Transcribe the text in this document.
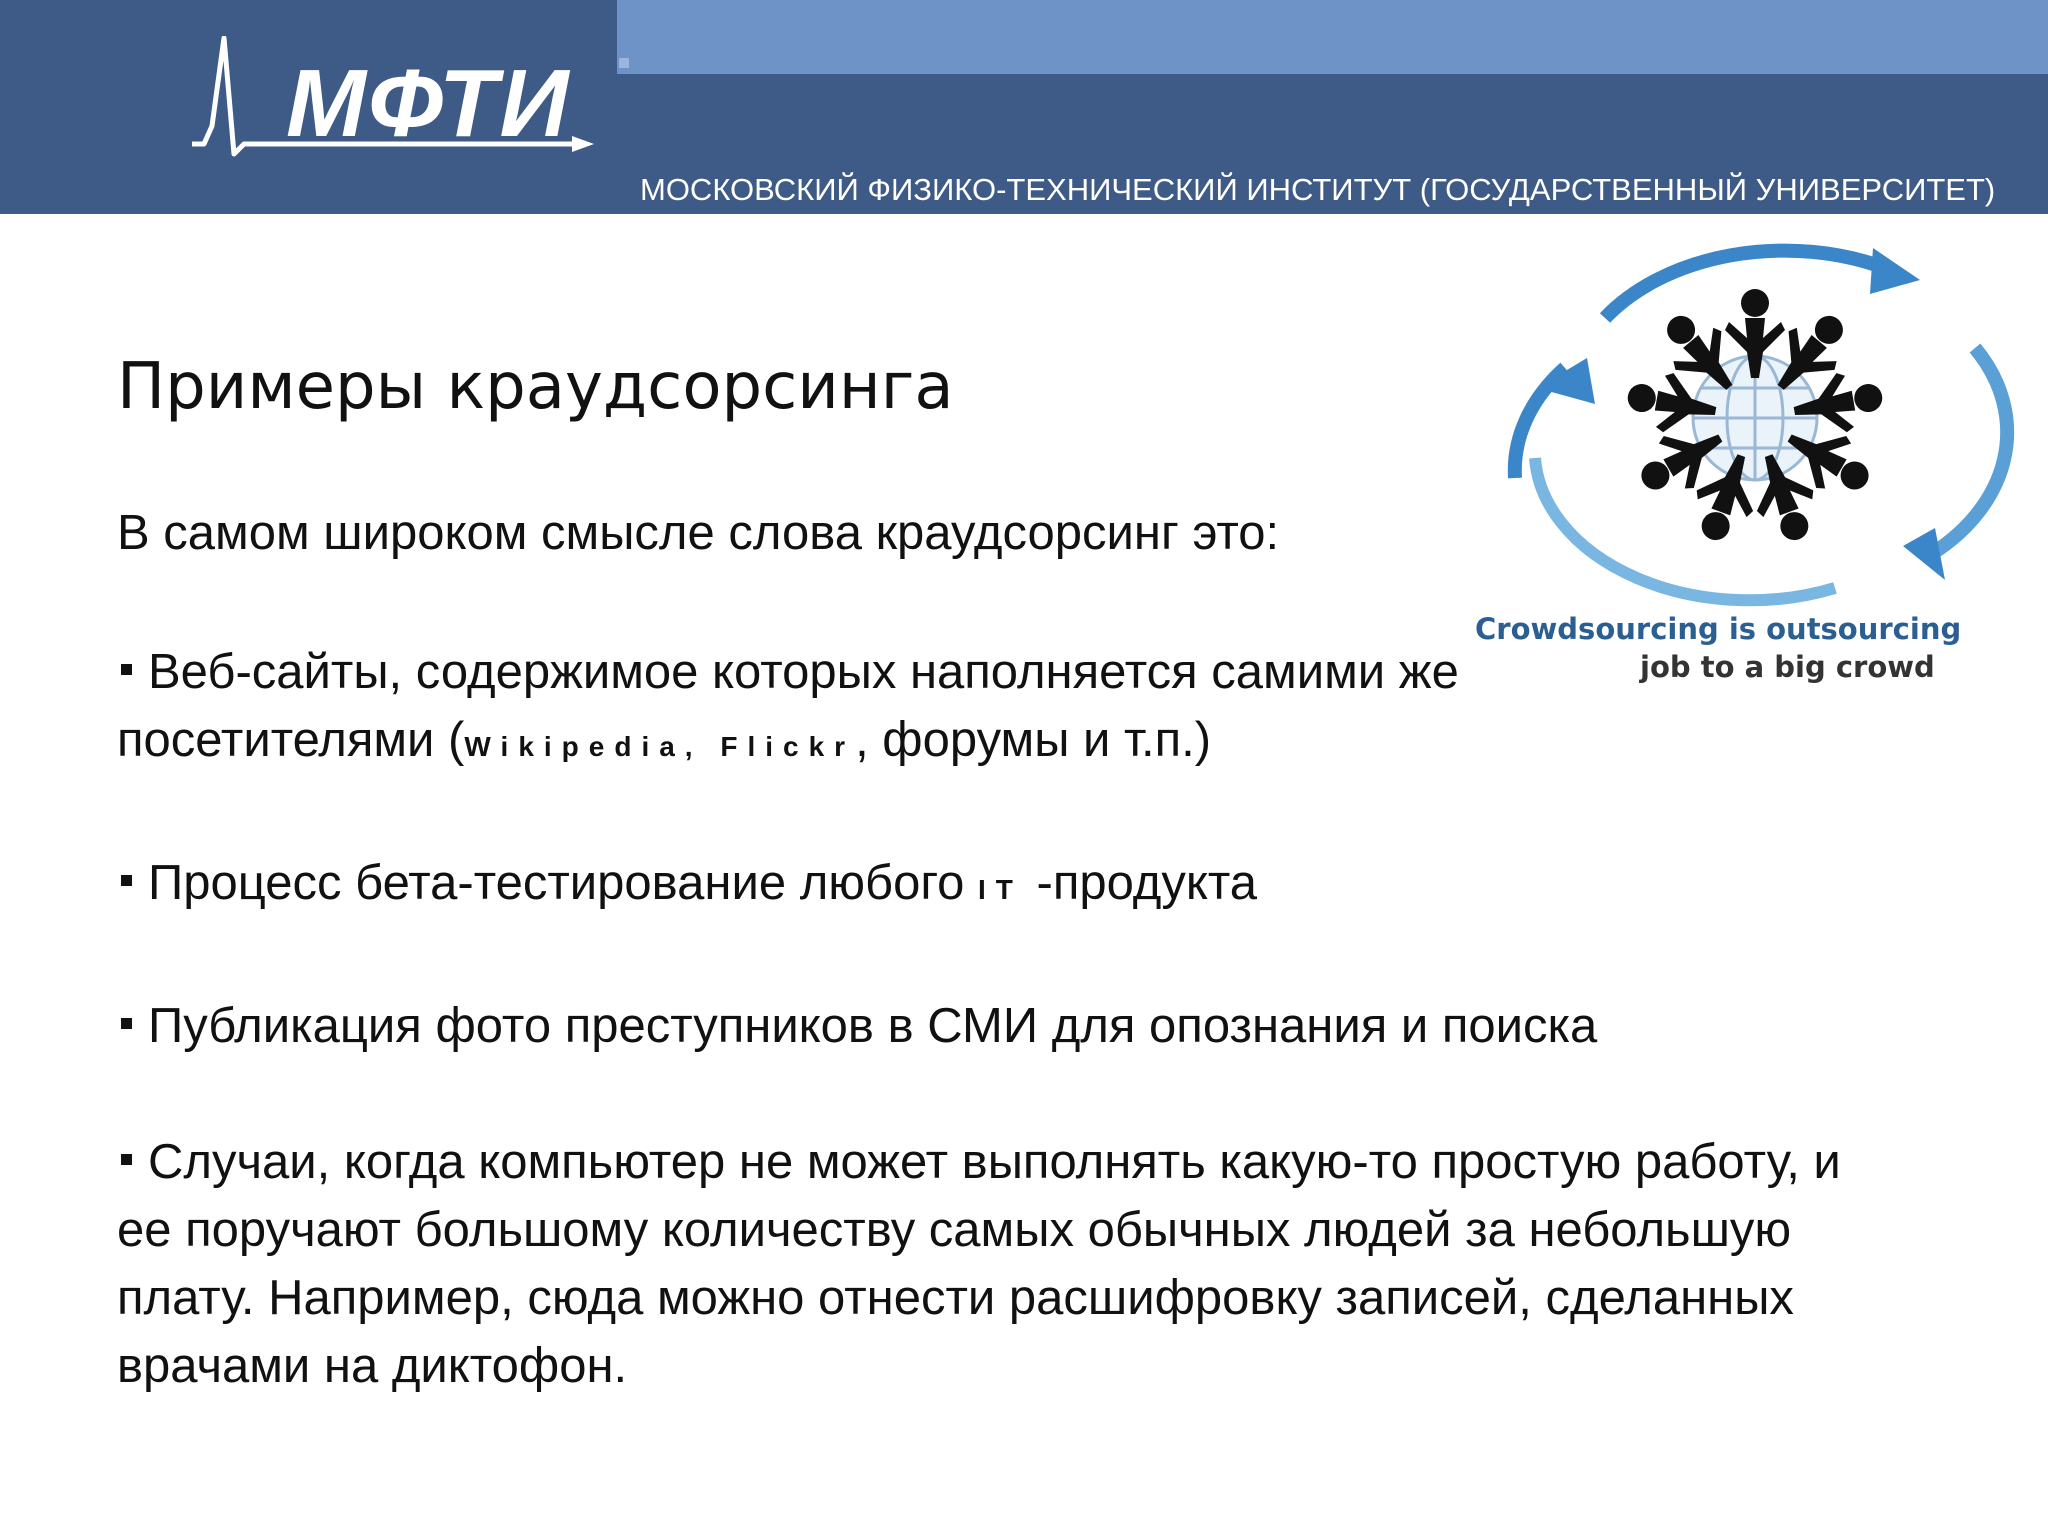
МФТИ
МОСКОВСКИЙ ФИЗИКО-ТЕХНИЧЕСКИЙ ИНСТИТУТ (ГОСУДАРСТВЕННЫЙ УНИВЕРСИТЕТ)
Примеры краудсорсинга
В самом широком смысле слова краудсорсинг это:
Веб-сайты, содержимое которых наполняется самими же
посетителями (Wikipedia, Flickr, форумы и т.п.)
Процесс бета-тестирование любого IT -продукта
Публикация фото преступников в СМИ для опознания и поиска
Случаи, когда компьютер не может выполнять какую-то простую работу, и ее поручают большому количеству самых обычных людей за небольшую плату. Например, сюда можно отнести расшифровку записей, сделанных врачами на диктофон.
Crowdsourcing is outsourcing
job to a big crowd
